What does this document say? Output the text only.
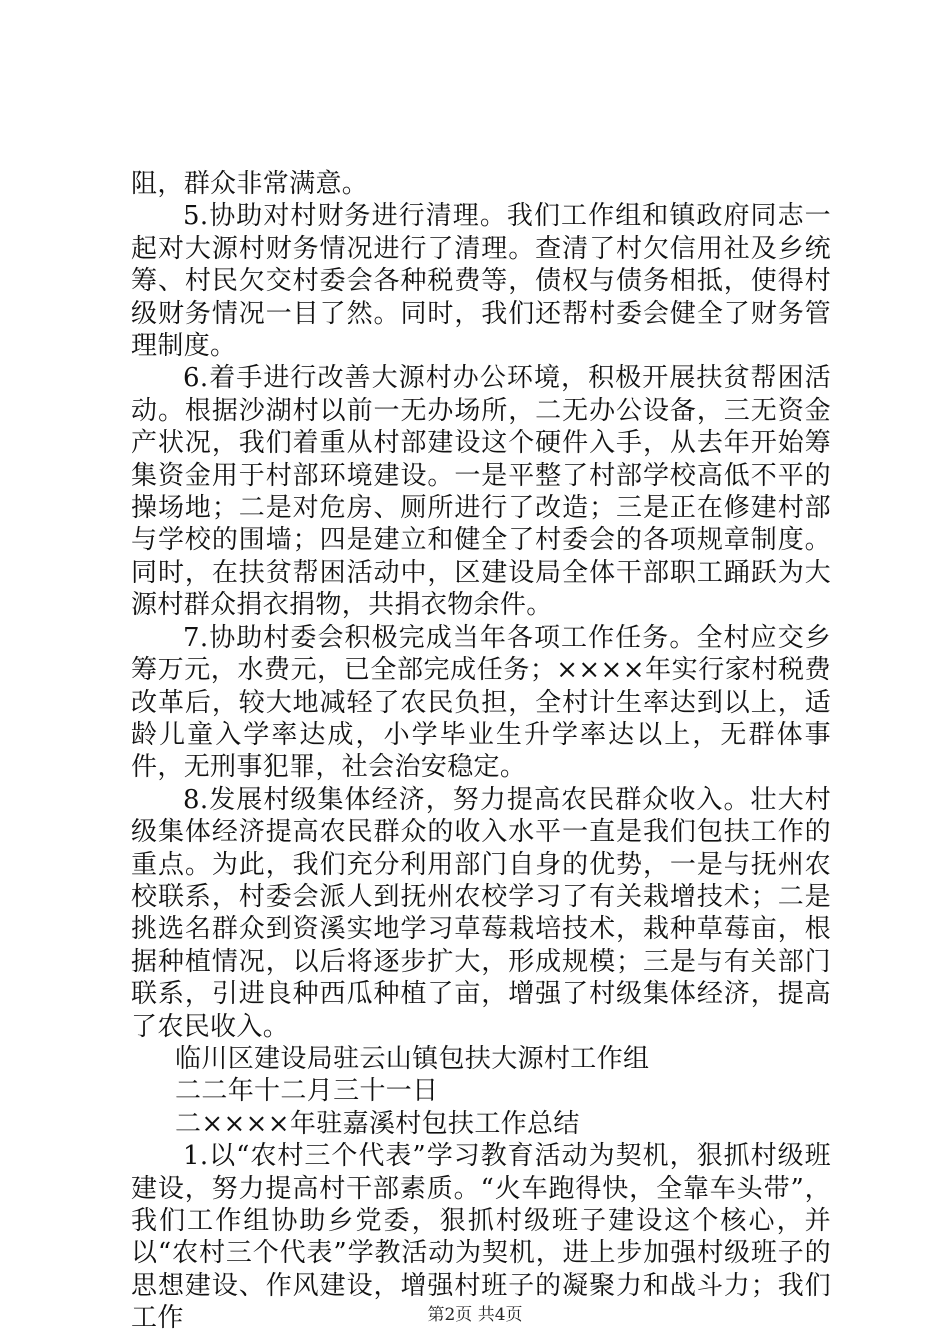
阻，群众非常满意。

5.协助对村财务进行清理。我们工作组和镇政府同志一起对大源村财务情况进行了清理。查清了村欠信用社及乡统筹、村民欠交村委会各种税费等，债权与债务相抵，使得村级财务情况一目了然。同时，我们还帮村委会健全了财务管理制度。

6.着手进行改善大源村办公环境，积极开展扶贫帮困活动。根据沙湖村以前一无办场所，二无办公设备，三无资金产状况，我们着重从村部建设这个硬件入手，从去年开始筹集资金用于村部环境建设。一是平整了村部学校高低不平的操场地；二是对危房、厕所进行了改造；三是正在修建村部与学校的围墙；四是建立和健全了村委会的各项规章制度。同时，在扶贫帮困活动中，区建设局全体干部职工踊跃为大源村群众捐衣捐物，共捐衣物余件。

7.协助村委会积极完成当年各项工作任务。全村应交乡筹万元，水费元，已全部完成任务；××××年实行家村税费改革后，较大地减轻了农民负担，全村计生率达到以上，适龄儿童入学率达成，小学毕业生升学率达以上，无群体事件，无刑事犯罪，社会治安稳定。

8.发展村级集体经济，努力提高农民群众收入。壮大村级集体经济提高农民群众的收入水平一直是我们包扶工作的重点。为此，我们充分利用部门自身的优势，一是与抚州农校联系，村委会派人到抚州农校学习了有关栽增技术；二是挑选名群众到资溪实地学习草莓栽培技术，栽种草莓亩，根据种植情况，以后将逐步扩大，形成规模；三是与有关部门联系，引进良种西瓜种植了亩，增强了村级集体经济，提高了农民收入。

临川区建设局驻云山镇包扶大源村工作组

二二年十二月三十一日

二××××年驻嘉溪村包扶工作总结

1.以“农村三个代表”学习教育活动为契机，狠抓村级班建设，努力提高村干部素质。“火车跑得快，全靠车头带”，我们工作组协助乡党委，狠抓村级班子建设这个核心，并以“农村三个代表”学教活动为契机，进上步加强村级班子的思想建设、作风建设，增强村班子的凝聚力和战斗力；我们工作	第2页 共4页
